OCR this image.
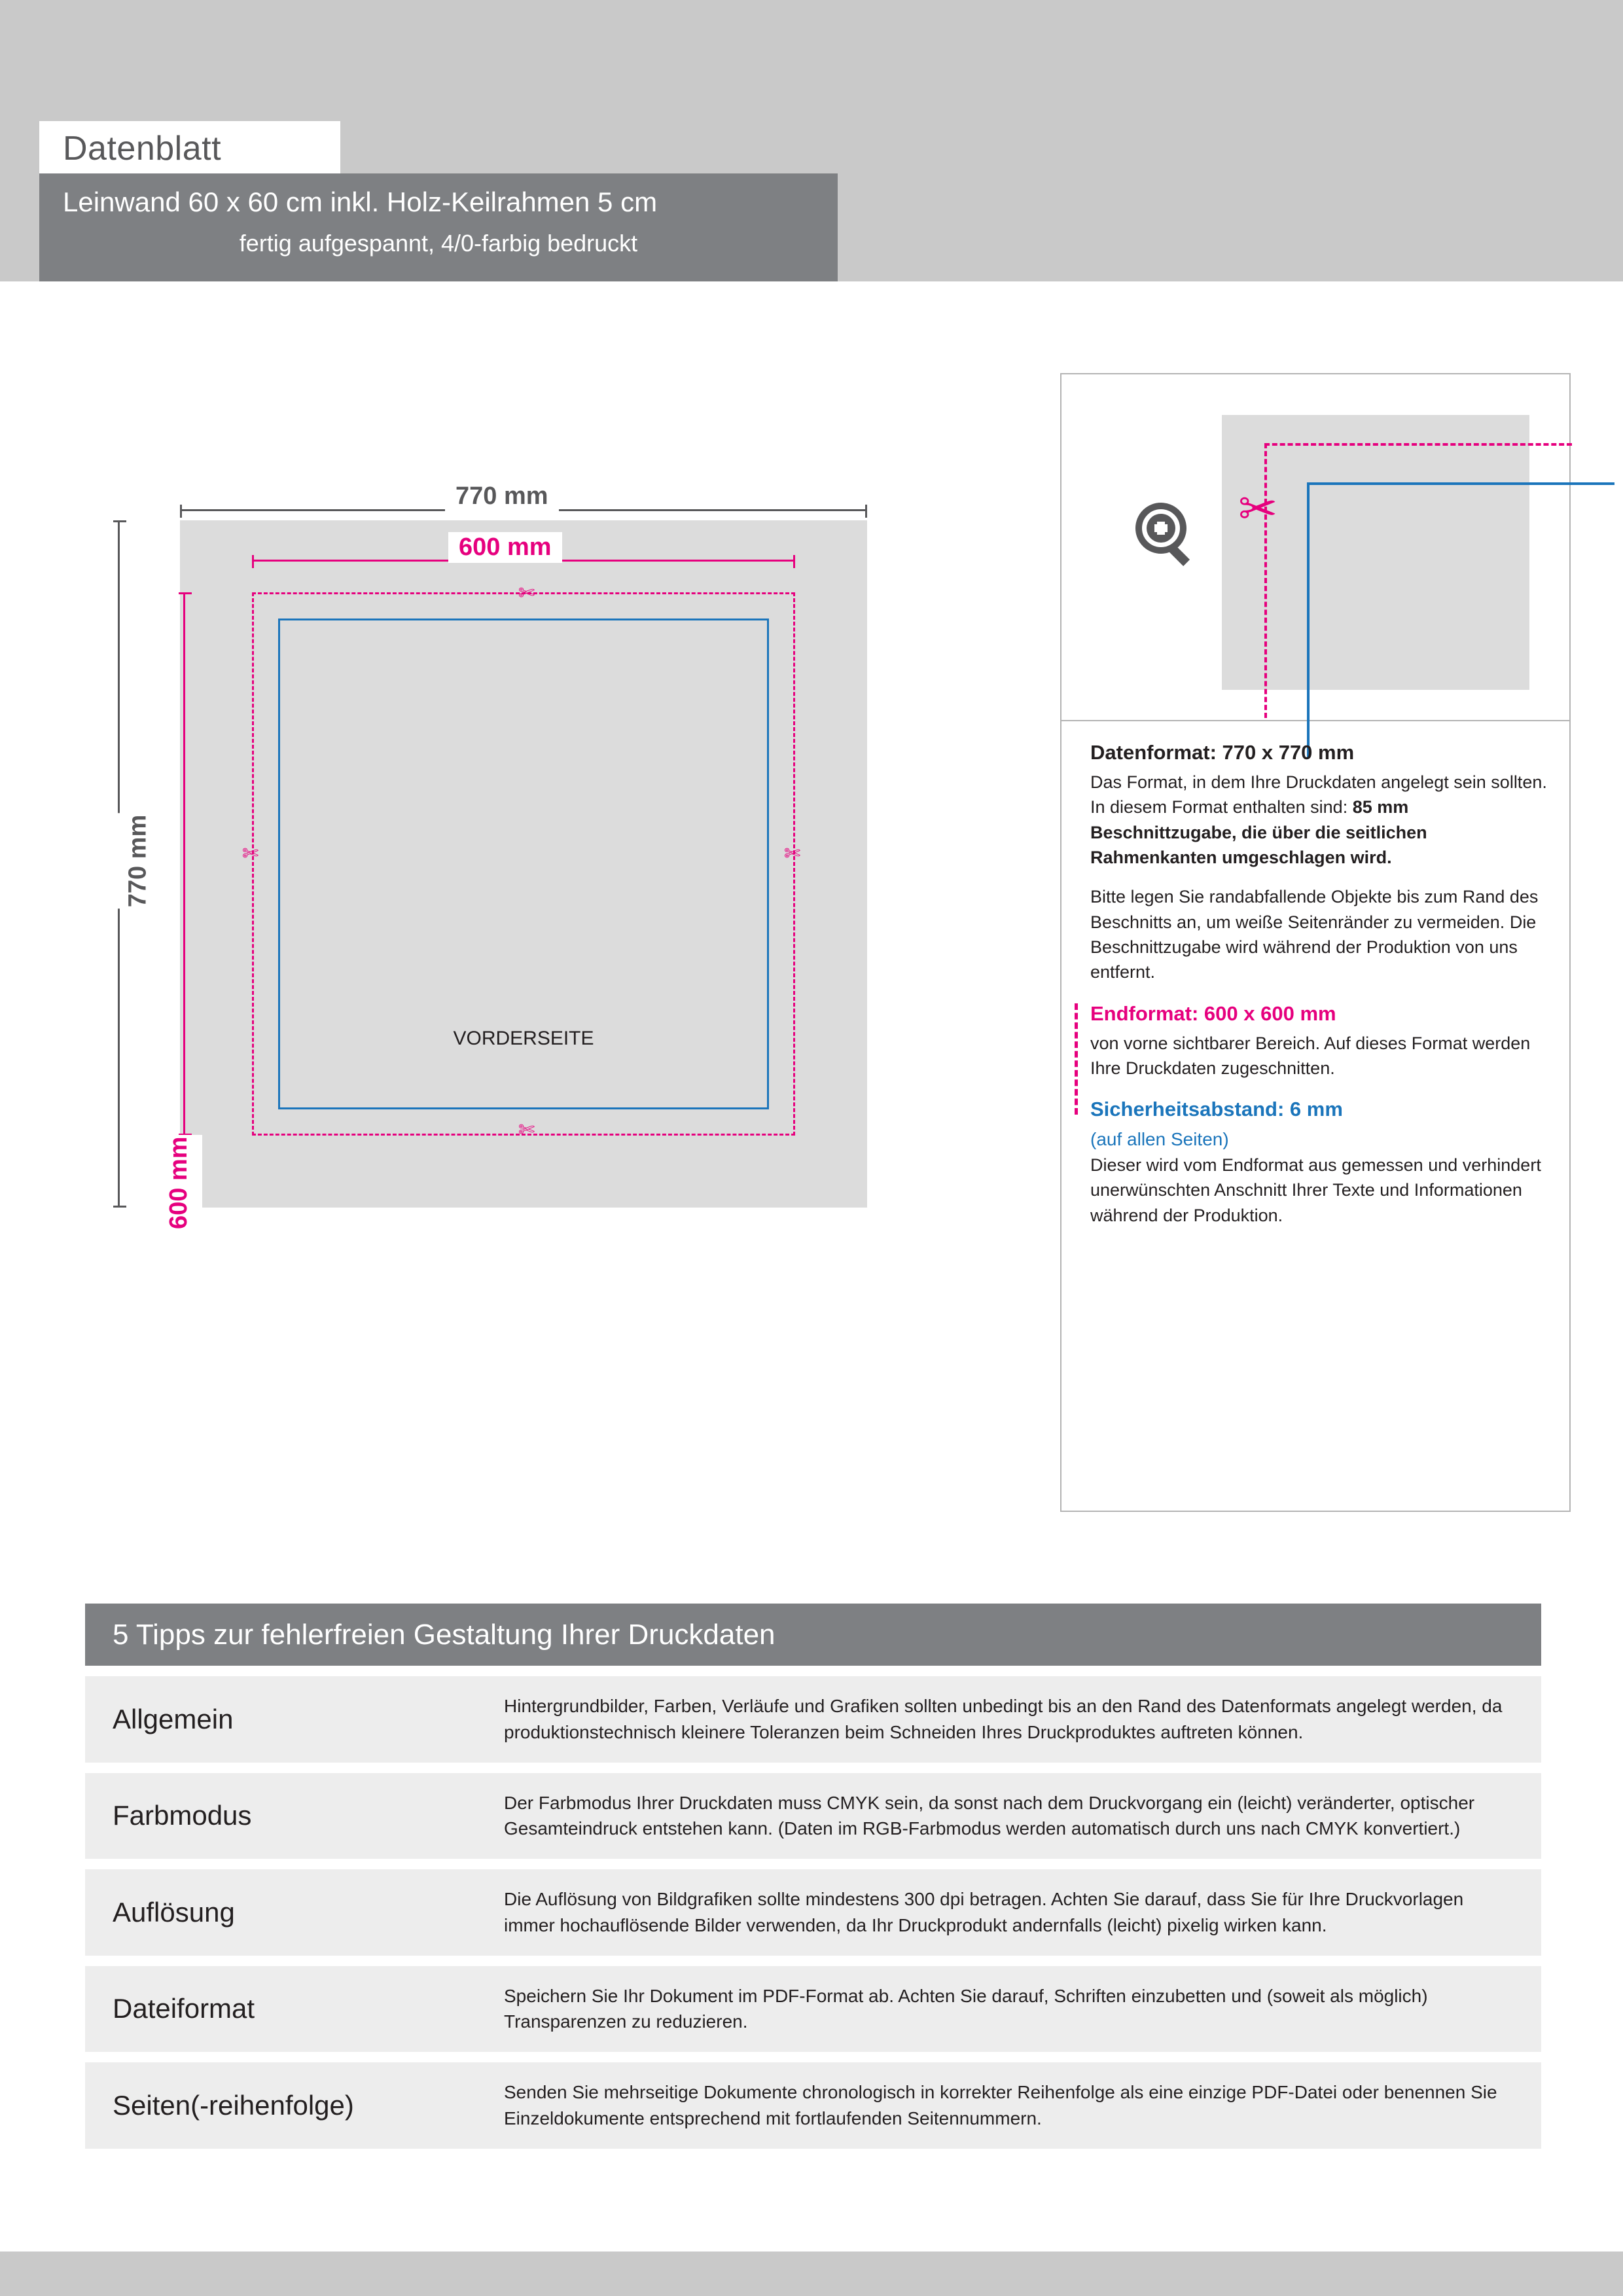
Datenblatt
Leinwand 60 x 60 cm inkl. Holz-Keilrahmen 5 cm
fertig aufgespannt, 4/0-farbig bedruckt
VORDERSEITE
770 mm
600 mm
770 mm
600 mm
✄
✄
✄
✄
✂
Datenformat: 770 x 770 mm

Das Format, in dem Ihre Druckdaten angelegt sein sollten. In diesem Format enthalten sind: 85 mm Beschnittzugabe, die über die seitlichen Rahmenkanten umgeschlagen wird.

Bitte legen Sie randabfallende Objekte bis zum Rand des Beschnitts an, um weiße Seitenränder zu vermeiden. Die Beschnittzugabe wird während der Produktion von uns entfernt.

Endformat: 600 x 600 mm

von vorne sichtbarer Bereich. Auf dieses Format werden Ihre Druckdaten zugeschnitten.

Sicherheitsabstand: 6 mm
(auf allen Seiten)

Dieser wird vom Endformat aus gemessen und verhindert unerwünschten Anschnitt Ihrer Texte und Informationen während der Produktion.

5 Tipps zur fehlerfreien Gestaltung Ihrer Druckdaten
Allgemein	Hintergrundbilder, Farben, Verläufe und Grafiken sollten unbedingt bis an den Rand des Datenformats angelegt werden, da produktionstechnisch kleinere Toleranzen beim Schneiden Ihres Druckproduktes auftreten können.
Farbmodus	Der Farbmodus Ihrer Druckdaten muss CMYK sein, da sonst nach dem Druckvorgang ein (leicht) veränderter, optischer Gesamteindruck entstehen kann. (Daten im RGB-Farbmodus werden automatisch durch uns nach CMYK konvertiert.)
Auflösung	Die Auflösung von Bildgrafiken sollte mindestens 300 dpi betragen. Achten Sie darauf, dass Sie für Ihre Druckvorlagen immer hochauflösende Bilder verwenden, da Ihr Druckprodukt andernfalls (leicht) pixelig wirken kann.
Dateiformat	Speichern Sie Ihr Dokument im PDF-Format ab. Achten Sie darauf, Schriften einzubetten und (soweit als möglich) Transparenzen zu reduzieren.
Seiten(-reihenfolge)	Senden Sie mehrseitige Dokumente chronologisch in korrekter Reihenfolge als eine einzige PDF-Datei oder benennen Sie Einzeldokumente entsprechend mit fortlaufenden Seitennummern.
